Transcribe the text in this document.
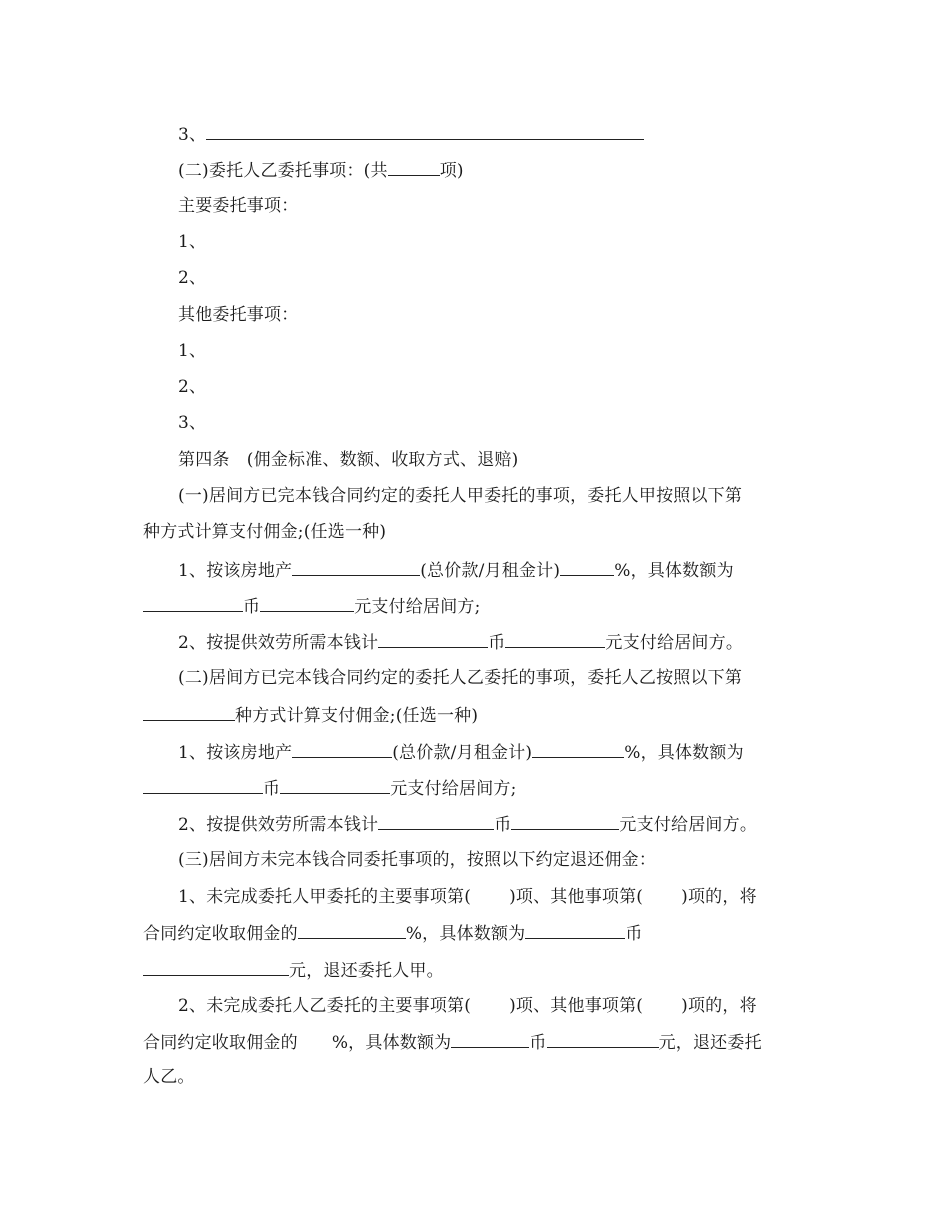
3、
(二)委托人乙委托事项：(共	项)
主要委托事项：
1、
2、
其他委托事项：
1、
2、
3、
第四条　(佣金标准、数额、收取方式、退赔)
(一)居间方已完本钱合同约定的委托人甲委托的事项，委托人甲按照以下第
种方式计算支付佣金;(任选一种)
1、按该房地产	(总价款/月租金计)	%，具体数额为
币	元支付给居间方;
2、按提供效劳所需本钱计	币	元支付给居间方。
(二)居间方已完本钱合同约定的委托人乙委托的事项，委托人乙按照以下第
种方式计算支付佣金;(任选一种)
1、按该房地产	(总价款/月租金计)	%，具体数额为
币	元支付给居间方;
2、按提供效劳所需本钱计	币	元支付给居间方。
(三)居间方未完本钱合同委托事项的，按照以下约定退还佣金：
1、未完成委托人甲委托的主要事项第( )项、其他事项第( )项的，将
合同约定收取佣金的	%，具体数额为	币
元，退还委托人甲。
2、未完成委托人乙委托的主要事项第( )项、其他事项第( )项的，将
合同约定收取佣金的 %，具体数额为	币	元，退还委托
人乙。
